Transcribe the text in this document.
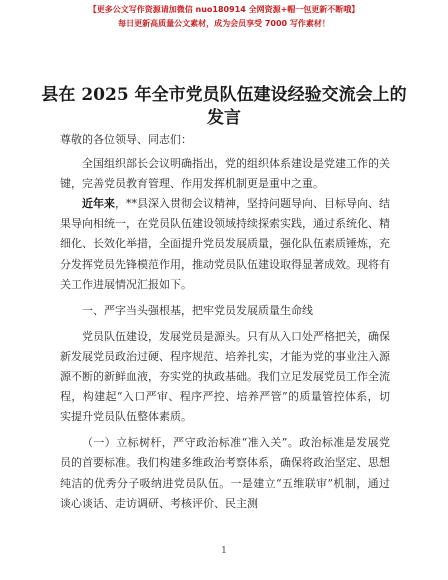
【更多公文写作资源请加微信 nuo180914 全网资源+帽一包更新不断哦】
每日更新高质量公文素材，成为会员享受 7000 写作素材！
县在 2025 年全市党员队伍建设经验交流会上的
发言

尊敬的各位领导、同志们：

全国组织部长会议明确指出，党的组织体系建设是党建工作的关键，完善党员教育管理、作用发挥机制更是重中之重。

近年来，**县深入贯彻会议精神，坚持问题导向、目标导向、结果导向相统一，在党员队伍建设领域持续探索实践，通过系统化、精细化、长效化举措，全面提升党员发展质量，强化队伍素质锤炼，充分发挥党员先锋模范作用，推动党员队伍建设取得显著成效。现将有关工作进展情况汇报如下。

一、严字当头强根基，把牢党员发展质量生命线

党员队伍建设，发展党员是源头。只有从入口处严格把关，确保新发展党员政治过硬、程序规范、培养扎实，才能为党的事业注入源源不断的新鲜血液，夯实党的执政基础。我们立足发展党员工作全流程，构建起“入口严审、程序严控、培养严管”的质量管控体系，切实提升党员队伍整体素质。

（一）立标树杆，严守政治标准“准入关”。政治标准是发展党员的首要标准。我们构建多维政治考察体系，确保将政治坚定、思想纯洁的优秀分子吸纳进党员队伍。一是建立“五维联审”机制，通过谈心谈话、走访调研、考核评价、民主测

1
